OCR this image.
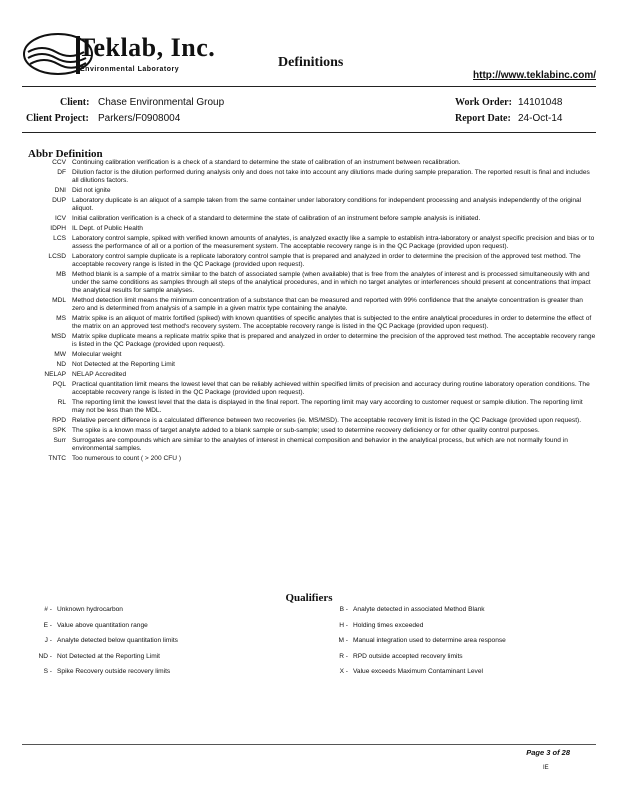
Teklab, Inc.
Environmental Laboratory	Definitions
http://www.teklabinc.com/
Client: Chase Environmental Group	Work Order: 14101048
Client Project: Parkers/F0908004	Report Date: 24-Oct-14
Abbr Definition
CCV Continuing calibration verification is a check of a standard to determine the state of calibration of an instrument between recalibration.
DF Dilution factor is the dilution performed during analysis only and does not take into account any dilutions made during sample preparation. The reported result is final and includes all dilutions factors.
DNI Did not ignite
DUP Laboratory duplicate is an aliquot of a sample taken from the same container under laboratory conditions for independent processing and analysis independently of the original aliquot.
ICV Initial calibration verification is a check of a standard to determine the state of calibration of an instrument before sample analysis is initiated.
IDPH IL Dept. of Public Health
LCS Laboratory control sample, spiked with verified known amounts of analytes, is analyzed exactly like a sample to establish intra-laboratory or analyst specific precision and bias or to assess the performance of all or a portion of the measurement system. The acceptable recovery range is in the QC Package (provided upon request).
LCSD Laboratory control sample duplicate is a replicate laboratory control sample that is prepared and analyzed in order to determine the precision of the approved test method. The acceptable recovery range is listed in the QC Package (provided upon request).
MB Method blank is a sample of a matrix similar to the batch of associated sample (when available) that is free from the analytes of interest and is processed simultaneously with and under the same conditions as samples through all steps of the analytical procedures, and in which no target analytes or interferences should present at concentrations that impact the analytical results for sample analyses.
MDL Method detection limit means the minimum concentration of a substance that can be measured and reported with 99% confidence that the analyte concentration is greater than zero and is determined from analysis of a sample in a given matrix type containing the analyte.
MS Matrix spike is an aliquot of matrix fortified (spiked) with known quantities of specific analytes that is subjected to the entire analytical procedures in order to determine the effect of the matrix on an approved test method's recovery system. The acceptable recovery range is listed in the QC Package (provided upon request).
MSD Matrix spike duplicate means a replicate matrix spike that is prepared and analyzed in order to determine the precision of the approved test method. The acceptable recovery range is listed in the QC Package (provided upon request).
MW Molecular weight
ND Not Detected at the Reporting Limit
NELAP NELAP Accredited
PQL Practical quantitation limit means the lowest level that can be reliably achieved within specified limits of precision and accuracy during routine laboratory operation conditions. The acceptable recovery range is listed in the QC Package (provided upon request).
RL The reporting limit the lowest level that the data is displayed in the final report. The reporting limit may vary according to customer request or sample dilution. The reporting limit may not be less than the MDL.
RPD Relative percent difference is a calculated difference between two recoveries (ie. MS/MSD). The acceptable recovery limit is listed in the QC Package (provided upon request).
SPK The spike is a known mass of target analyte added to a blank sample or sub-sample; used to determine recovery deficiency or for other quality control purposes.
Surr Surrogates are compounds which are similar to the analytes of interest in chemical composition and behavior in the analytical process, but which are not normally found in environmental samples.
TNTC Too numerous to count ( > 200 CFU )
Qualifiers
# - Unknown hydrocarbon
E - Value above quantitation range
J - Analyte detected below quantitation limits
ND - Not Detected at the Reporting Limit
S - Spike Recovery outside recovery limits
B - Analyte detected in associated Method Blank
H - Holding times exceeded
M - Manual integration used to determine area response
R - RPD outside accepted recovery limits
X - Value exceeds Maximum Contaminant Level
Page 3 of 28
IE
